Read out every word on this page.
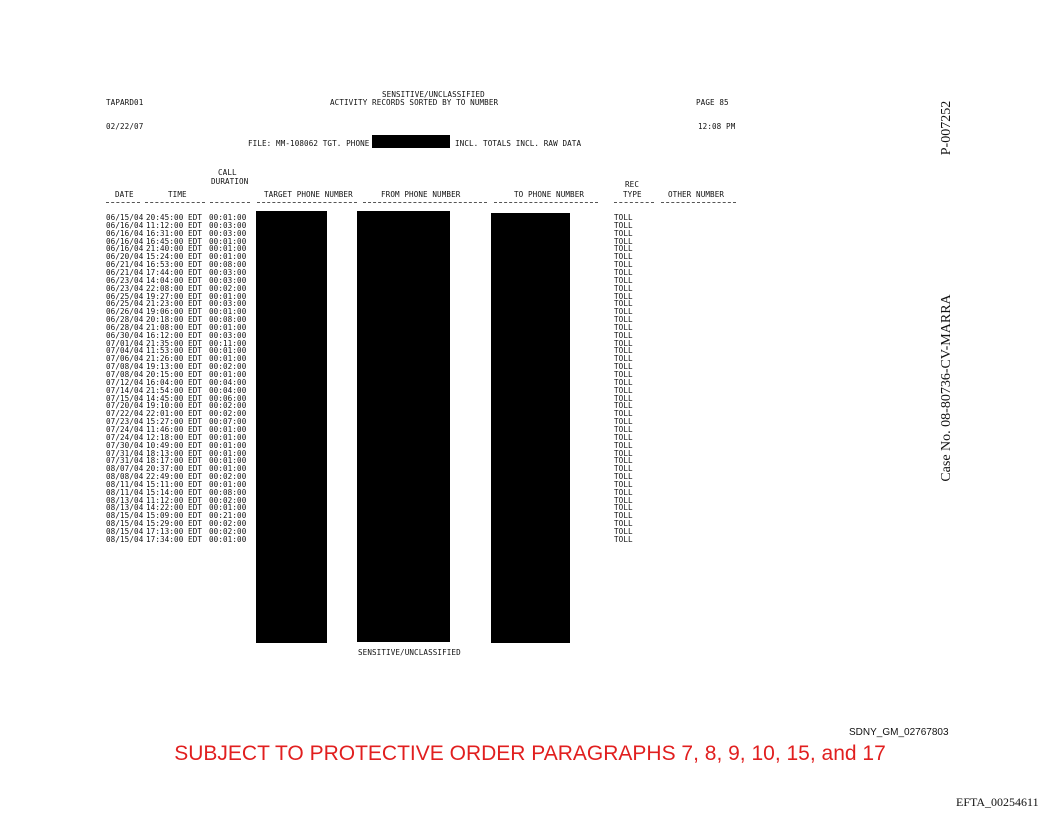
TAPARD01
02/22/07
SENSITIVE/UNCLASSIFIED
ACTIVITY RECORDS SORTED BY TO NUMBER	PAGE 85
12:08 PM
FILE: MM-108062 TGT. PHONE	INCL. TOTALS INCL. RAW DATA
CALL
DURATION
DATE	TIME	TARGET PHONE NUMBER	FROM PHONE NUMBER	TO PHONE NUMBER
REC
TYPE	OTHER NUMBER
06/15/04 20:45:00 EDT 00:01:00	TOLL
06/16/04 11:12:00 EDT 00:03:00	TOLL
06/16/04 16:31:00 EDT 00:03:00	TOLL
06/16/04 16:45:00 EDT 00:01:00	TOLL
06/16/04 21:40:00 EDT 00:01:00	TOLL
06/20/04 15:24:00 EDT 00:01:00	TOLL
06/21/04 16:53:00 EDT 00:08:00	TOLL
06/21/04 17:44:00 EDT 00:03:00	TOLL
06/23/04 14:04:00 EDT 00:03:00	TOLL
06/23/04 22:08:00 EDT 00:02:00	TOLL
06/25/04 19:27:00 EDT 00:01:00	TOLL
06/25/04 21:23:00 EDT 00:03:00	TOLL
06/26/04 19:06:00 EDT 00:01:00	TOLL
06/28/04 20:18:00 EDT 00:08:00	TOLL
06/28/04 21:08:00 EDT 00:01:00	TOLL
06/30/04 16:12:00 EDT 00:03:00	TOLL
07/01/04 21:35:00 EDT 00:11:00	TOLL
07/04/04 11:53:00 EDT 00:01:00	TOLL
07/06/04 21:26:00 EDT 00:01:00	TOLL
07/08/04 19:13:00 EDT 00:02:00	TOLL
07/08/04 20:15:00 EDT 00:01:00	TOLL
07/12/04 16:04:00 EDT 00:04:00	TOLL
07/14/04 21:54:00 EDT 00:04:00	TOLL
07/15/04 14:45:00 EDT 00:06:00	TOLL
07/20/04 19:10:00 EDT 00:02:00	TOLL
07/22/04 22:01:00 EDT 00:02:00	TOLL
07/23/04 15:27:00 EDT 00:07:00	TOLL
07/24/04 11:46:00 EDT 00:01:00	TOLL
07/24/04 12:18:00 EDT 00:01:00	TOLL
07/30/04 10:49:00 EDT 00:01:00	TOLL
07/31/04 18:13:00 EDT 00:01:00	TOLL
07/31/04 18:17:00 EDT 00:01:00	TOLL
08/07/04 20:37:00 EDT 00:01:00	TOLL
08/08/04 22:49:00 EDT 00:02:00	TOLL
08/11/04 15:11:00 EDT 00:01:00	TOLL
08/11/04 15:14:00 EDT 00:08:00	TOLL
08/13/04 11:12:00 EDT 00:02:00	TOLL
08/13/04 14:22:00 EDT 00:01:00	TOLL
08/15/04 15:09:00 EDT 00:21:00	TOLL
08/15/04 15:29:00 EDT 00:02:00	TOLL
08/15/04 17:13:00 EDT 00:02:00	TOLL
08/15/04 17:34:00 EDT 00:01:00	TOLL
SENSITIVE/UNCLASSIFIED
SDNY_GM_02767803
SUBJECT TO PROTECTIVE ORDER PARAGRAPHS 7, 8, 9, 10, 15, and 17
EFTA_00254611
P-007252
Case No. 08-80736-CV-MARRA
